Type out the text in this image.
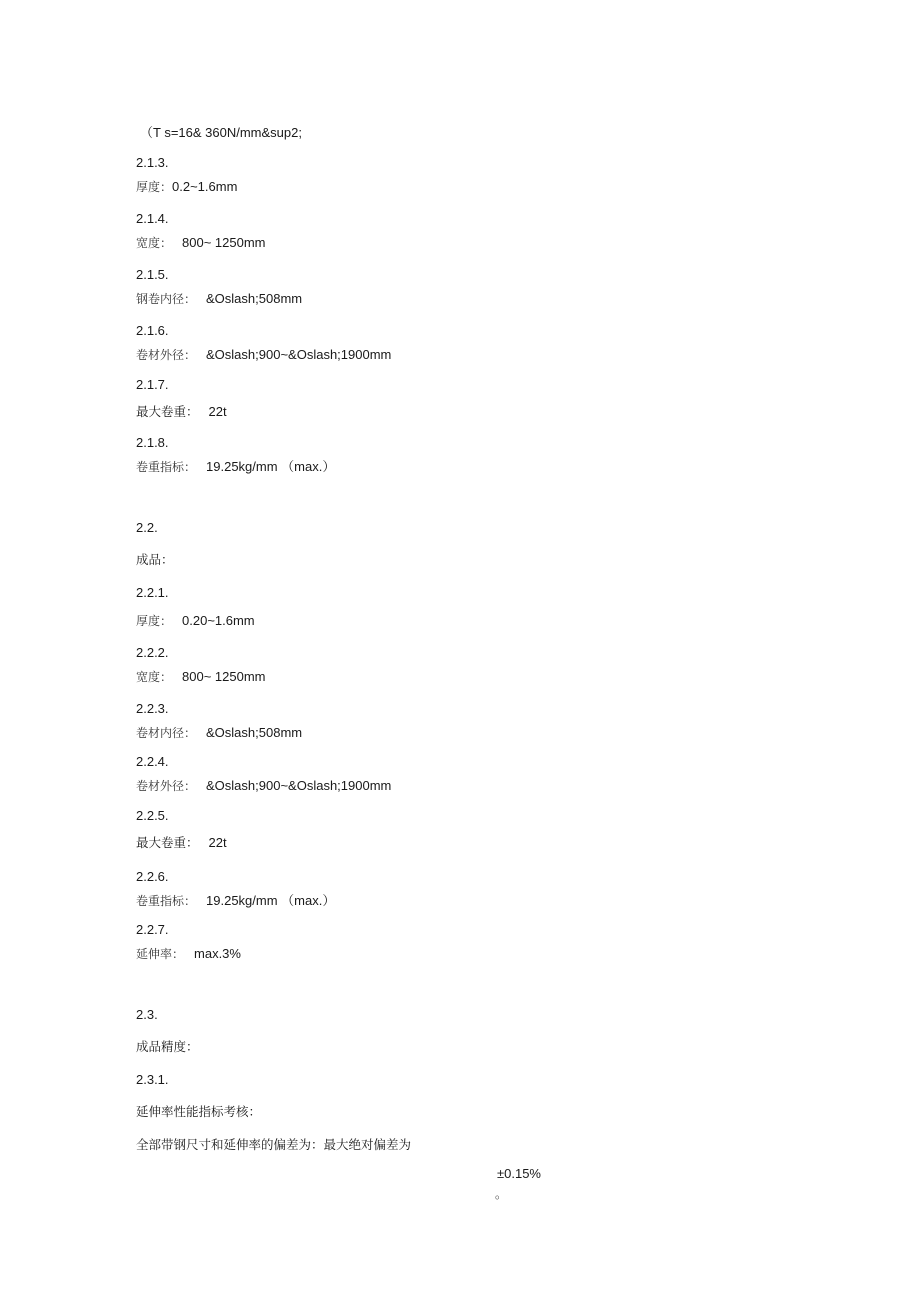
（T s=16& 360N/mm&sup2;
2.1.3.
厚度：0.2~1.6mm
2.1.4.
宽度： 800~ 1250mm
2.1.5.
钢卷内径： &Oslash;508mm
2.1.6.
卷材外径： &Oslash;900~&Oslash;1900mm
2.1.7.
最大卷重： 22t
2.1.8.
卷重指标： 19.25kg/mm （max.）
2.2.
成品：
2.2.1.
厚度： 0.20~1.6mm
2.2.2.
宽度： 800~ 1250mm
2.2.3.
卷材内径： &Oslash;508mm
2.2.4.
卷材外径： &Oslash;900~&Oslash;1900mm
2.2.5.
最大卷重： 22t
2.2.6.
卷重指标： 19.25kg/mm （max.）
2.2.7.
延伸率： max.3%
2.3.
成品精度：
2.3.1.
延伸率性能指标考核：
全部带钢尺寸和延伸率的偏差为：最大绝对偏差为
±0.15%
。
